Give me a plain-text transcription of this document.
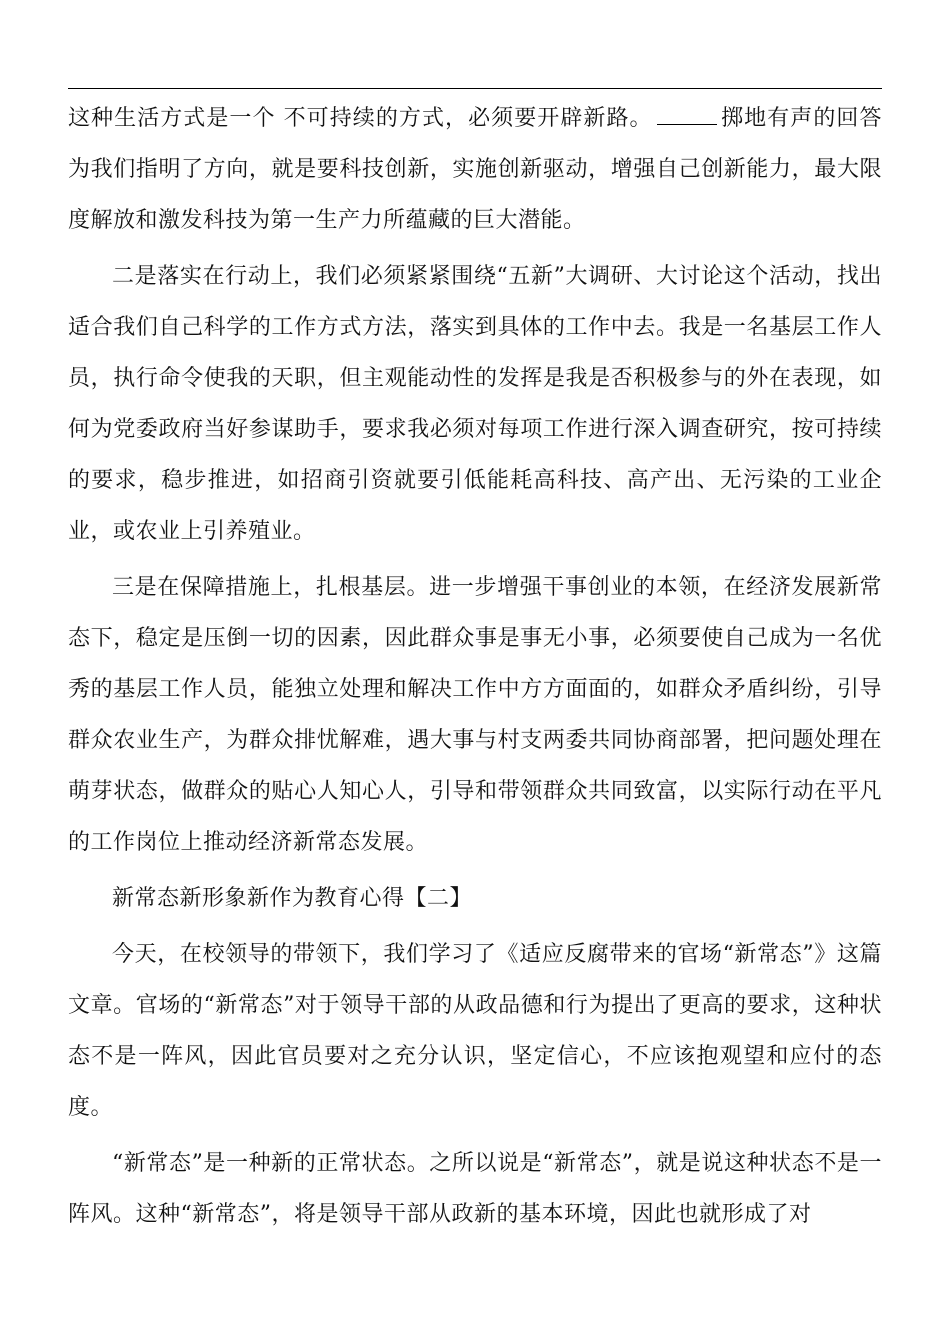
这种生活方式是一个 不可持续的方式，必须要开辟新路。	掷地有声的回答为我们指明了方向，就是要科技创新，实施创新驱动，增强自己创新能力，最大限度解放和激发科技为第一生产力所蕴藏的巨大潜能。

二是落实在行动上，我们必须紧紧围绕“五新”大调研、大讨论这个活动，找出适合我们自己科学的工作方式方法，落实到具体的工作中去。我是一名基层工作人员，执行命令使我的天职，但主观能动性的发挥是我是否积极参与的外在表现，如何为党委政府当好参谋助手，要求我必须对每项工作进行深入调查研究，按可持续的要求，稳步推进，如招商引资就要引低能耗高科技、高产出、无污染的工业企业，或农业上引养殖业。

三是在保障措施上，扎根基层。进一步增强干事创业的本领，在经济发展新常态下，稳定是压倒一切的因素，因此群众事是事无小事，必须要使自己成为一名优秀的基层工作人员，能独立处理和解决工作中方方面面的，如群众矛盾纠纷，引导群众农业生产，为群众排忧解难，遇大事与村支两委共同协商部署，把问题处理在萌芽状态，做群众的贴心人知心人，引导和带领群众共同致富，以实际行动在平凡的工作岗位上推动经济新常态发展。

新常态新形象新作为教育心得【二】

今天，在校领导的带领下，我们学习了《适应反腐带来的官场“新常态”》这篇文章。官场的“新常态”对于领导干部的从政品德和行为提出了更高的要求，这种状态不是一阵风，因此官员要对之充分认识，坚定信心，不应该抱观望和应付的态度。

“新常态”是一种新的正常状态。之所以说是“新常态”，就是说这种状态不是一阵风。这种“新常态”，将是领导干部从政新的基本环境，因此也就形成了对
